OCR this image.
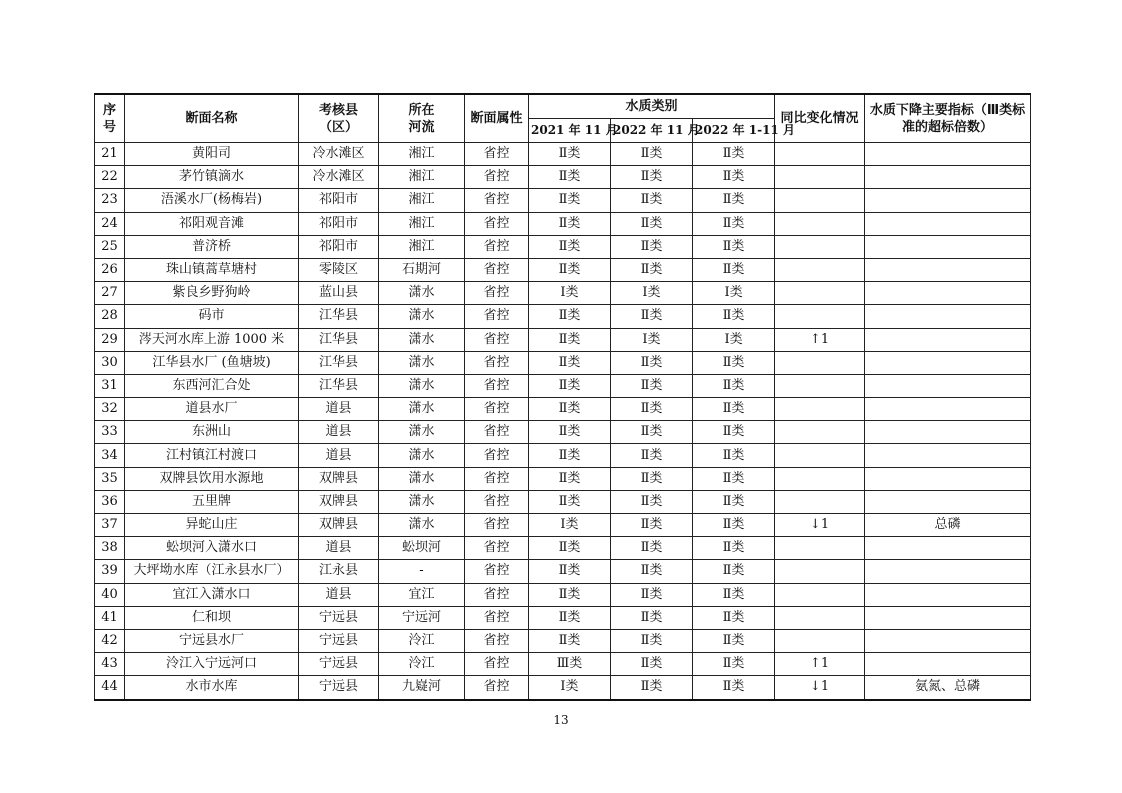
序号	断面名称	考核县（区）	所在河流	断面属性	水质类别			同比变化情况	水质下降主要指标（Ⅲ类标准的超标倍数）
					2021 年 11 月	2022 年 11 月	2022 年 1-11 月		
21	黄阳司	冷水滩区	湘江	省控	Ⅱ类	Ⅱ类	Ⅱ类		
22	茅竹镇滴水	冷水滩区	湘江	省控	Ⅱ类	Ⅱ类	Ⅱ类		
23	浯溪水厂(杨梅岩)	祁阳市	湘江	省控	Ⅱ类	Ⅱ类	Ⅱ类		
24	祁阳观音滩	祁阳市	湘江	省控	Ⅱ类	Ⅱ类	Ⅱ类		
25	普济桥	祁阳市	湘江	省控	Ⅱ类	Ⅱ类	Ⅱ类		
26	珠山镇蒿草塘村	零陵区	石期河	省控	Ⅱ类	Ⅱ类	Ⅱ类		
27	紫良乡野狗岭	蓝山县	潇水	省控	Ⅰ类	Ⅰ类	Ⅰ类		
28	码市	江华县	潇水	省控	Ⅱ类	Ⅱ类	Ⅱ类		
29	涔天河水库上游 1000 米	江华县	潇水	省控	Ⅱ类	Ⅰ类	Ⅰ类	↑1	
30	江华县水厂 (鱼塘坡)	江华县	潇水	省控	Ⅱ类	Ⅱ类	Ⅱ类		
31	东西河汇合处	江华县	潇水	省控	Ⅱ类	Ⅱ类	Ⅱ类		
32	道县水厂	道县	潇水	省控	Ⅱ类	Ⅱ类	Ⅱ类		
33	东洲山	道县	潇水	省控	Ⅱ类	Ⅱ类	Ⅱ类		
34	江村镇江村渡口	道县	潇水	省控	Ⅱ类	Ⅱ类	Ⅱ类		
35	双牌县饮用水源地	双牌县	潇水	省控	Ⅱ类	Ⅱ类	Ⅱ类		
36	五里牌	双牌县	潇水	省控	Ⅱ类	Ⅱ类	Ⅱ类		
37	异蛇山庄	双牌县	潇水	省控	Ⅰ类	Ⅱ类	Ⅱ类	↓1	总磷
38	蚣坝河入潇水口	道县	蚣坝河	省控	Ⅱ类	Ⅱ类	Ⅱ类		
39	大坪坳水库（江永县水厂）	江永县	-	省控	Ⅱ类	Ⅱ类	Ⅱ类		
40	宜江入潇水口	道县	宜江	省控	Ⅱ类	Ⅱ类	Ⅱ类		
41	仁和坝	宁远县	宁远河	省控	Ⅱ类	Ⅱ类	Ⅱ类		
42	宁远县水厂	宁远县	泠江	省控	Ⅱ类	Ⅱ类	Ⅱ类		
43	泠江入宁远河口	宁远县	泠江	省控	Ⅲ类	Ⅱ类	Ⅱ类	↑1	
44	水市水库	宁远县	九嶷河	省控	Ⅰ类	Ⅱ类	Ⅱ类	↓1	氨氮、总磷
13
